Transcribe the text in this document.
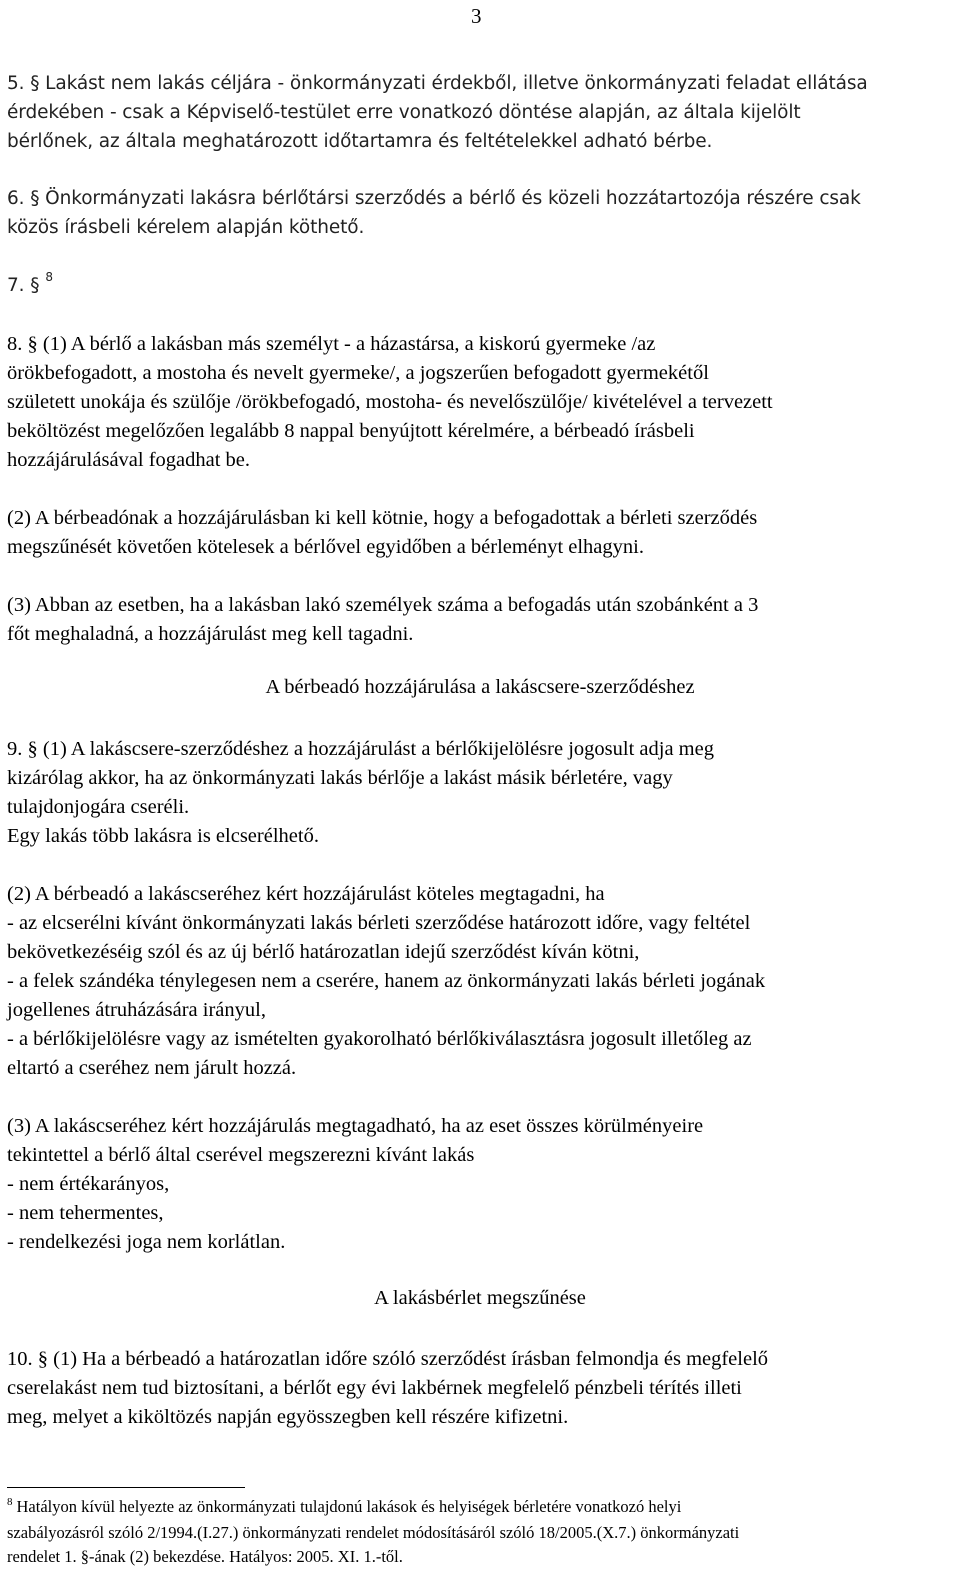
3
5. § Lakást nem lakás céljára - önkormányzati érdekből, illetve önkormányzati feladat ellátása
érdekében - csak a Képviselő-testület erre vonatkozó döntése alapján, az általa kijelölt
bérlőnek, az általa meghatározott időtartamra és feltételekkel adható bérbe.
6. § Önkormányzati lakásra bérlőtársi szerződés a bérlő és közeli hozzátartozója részére csak
közös írásbeli kérelem alapján köthető.
7. § $^8$
8. § (1) A bérlő a lakásban más személyt - a házastársa, a kiskorú gyermeke /az
örökbefogadott, a mostoha és nevelt gyermeke/, a jogszerűen befogadott gyermekétől
született unokája és szülője /örökbefogadó, mostoha- és nevelőszülője/ kivételével a tervezett
beköltözést megelőzően legalább 8 nappal benyújtott kérelmére, a bérbeadó írásbeli
hozzájárulásával fogadhat be.
(2) A bérbeadónak a hozzájárulásban ki kell kötnie, hogy a befogadottak a bérleti szerződés
megszűnését követően kötelesek a bérlővel egyidőben a bérleményt elhagyni.
(3) Abban az esetben, ha a lakásban lakó személyek száma a befogadás után szobánként a 3
főt meghaladná, a hozzájárulást meg kell tagadni.
A bérbeadó hozzájárulása a lakáscsere-szerződéshez
9. § (1) A lakáscsere-szerződéshez a hozzájárulást a bérlőkijelölésre jogosult adja meg
kizárólag akkor, ha az önkormányzati lakás bérlője a lakást másik bérletére, vagy
tulajdonjogára cseréli.
Egy lakás több lakásra is elcserélhető.
(2) A bérbeadó a lakáscseréhez kért hozzájárulást köteles megtagadni, ha
- az elcserélni kívánt önkormányzati lakás bérleti szerződése határozott időre, vagy feltétel
bekövetkezéséig szól és az új bérlő határozatlan idejű szerződést kíván kötni,
- a felek szándéka ténylegesen nem a cserére, hanem az önkormányzati lakás bérleti jogának
jogellenes átruházására irányul,
- a bérlőkijelölésre vagy az ismételten gyakorolható bérlőkiválasztásra jogosult illetőleg az
eltartó a cseréhez nem járult hozzá.
(3) A lakáscseréhez kért hozzájárulás megtagadható, ha az eset összes körülményeire
tekintettel a bérlő által cserével megszerezni kívánt lakás
- nem értékarányos,
- nem tehermentes,
- rendelkezési joga nem korlátlan.
A lakásbérlet megszűnése
10. § (1) Ha a bérbeadó a határozatlan időre szóló szerződést írásban felmondja és megfelelő
cserelakást nem tud biztosítani, a bérlőt egy évi lakbérnek megfelelő pénzbeli térítés illeti
meg, melyet a kiköltözés napján egyösszegben kell részére kifizetni.
$^8$ Hatályon kívül helyezte az önkormányzati tulajdonú lakások és helyiségek bérletére vonatkozó helyi
szabályozásról szóló 2/1994.(I.27.) önkormányzati rendelet módosításáról szóló 18/2005.(X.7.) önkormányzati
rendelet 1. §-ának (2) bekezdése. Hatályos: 2005. XI. 1.-től.
